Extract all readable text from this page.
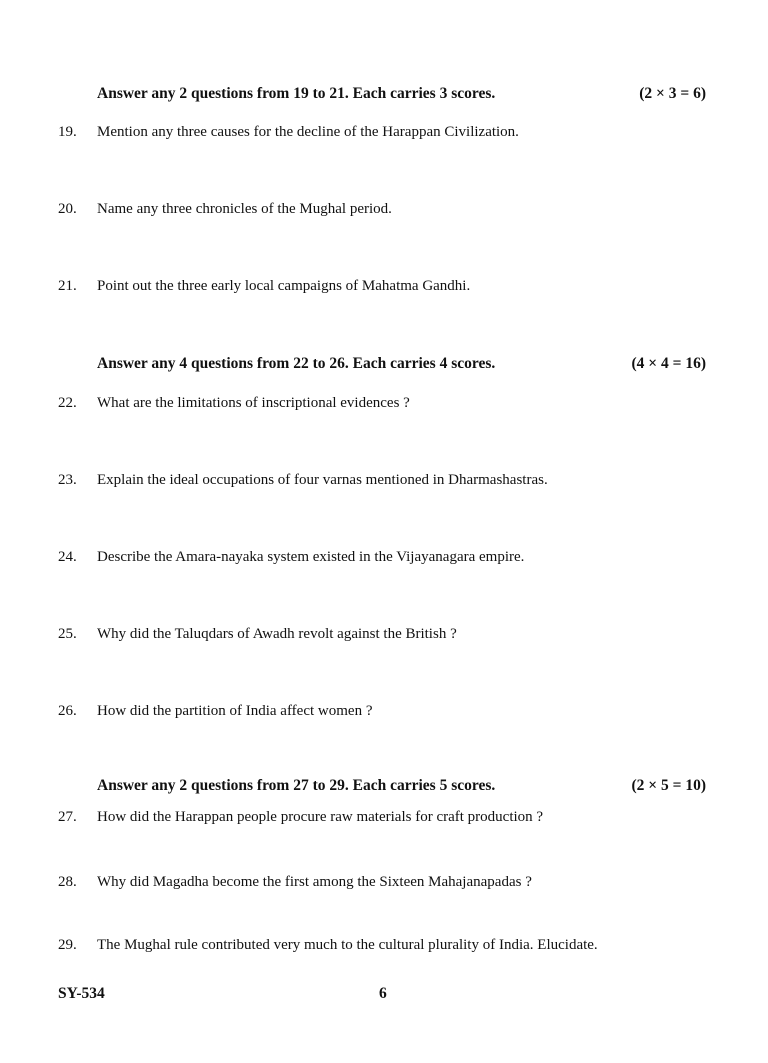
Answer any 2 questions from 19 to 21. Each carries 3 scores.	(2 × 3 = 6)
19.	Mention any three causes for the decline of the Harappan Civilization.
20.	Name any three chronicles of the Mughal period.
21.	Point out the three early local campaigns of Mahatma Gandhi.
Answer any 4 questions from 22 to 26. Each carries 4 scores.	(4 × 4 = 16)
22.	What are the limitations of inscriptional evidences ?
23.	Explain the ideal occupations of four varnas mentioned in Dharmashastras.
24.	Describe the Amara-nayaka system existed in the Vijayanagara empire.
25.	Why did the Taluqdars of Awadh revolt against the British ?
26.	How did the partition of India affect women ?
Answer any 2 questions from 27 to 29. Each carries 5 scores.	(2 × 5 = 10)
27.	How did the Harappan people procure raw materials for craft production ?
28.	Why did Magadha become the first among the Sixteen Mahajanapadas ?
29.	The Mughal rule contributed very much to the cultural plurality of India. Elucidate.
SY-534	6
